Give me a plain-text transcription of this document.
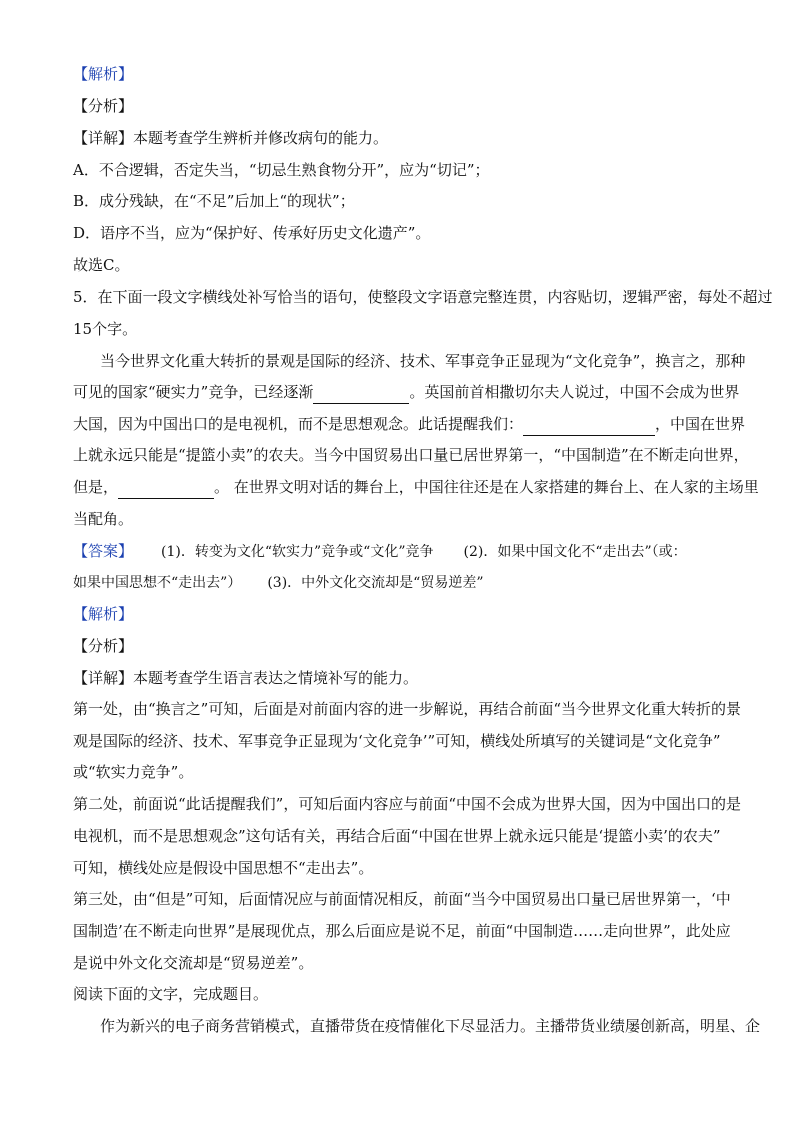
【解析】
【分析】
【详解】本题考查学生辨析并修改病句的能力。
A．不合逻辑，否定失当，“切忌生熟食物分开”，应为“切记”；
B．成分残缺，在“不足”后加上“的现状”；
D．语序不当，应为“保护好、传承好历史文化遗产”。
故选C。
5．在下面一段文字横线处补写恰当的语句，使整段文字语意完整连贯，内容贴切，逻辑严密，每处不超过
15个字。
当今世界文化重大转折的景观是国际的经济、技术、军事竞争正显现为“文化竞争”，换言之，那种
可见的国家“硬实力”竞争，已经逐渐	。英国前首相撒切尔夫人说过，中国不会成为世界
大国，因为中国出口的是电视机，而不是思想观念。此话提醒我们：	，中国在世界
上就永远只能是“提篮小卖”的农夫。当今中国贸易出口量已居世界第一，“中国制造”在不断走向世界，
但是，	。 在世界文明对话的舞台上，中国往往还是在人家搭建的舞台上、在人家的主场里
当配角。
【答案】 (1)．转变为文化“软实力”竞争或“文化”竞争 (2)．如果中国文化不“走出去”（或：
如果中国思想不“走出去”） (3)．中外文化交流却是“贸易逆差”
【解析】
【分析】
【详解】本题考查学生语言表达之情境补写的能力。
第一处，由“换言之”可知，后面是对前面内容的进一步解说，再结合前面“当今世界文化重大转折的景
观是国际的经济、技术、军事竞争正显现为‘文化竞争’”可知，横线处所填写的关键词是“文化竞争”
或“软实力竞争”。
第二处，前面说“此话提醒我们”，可知后面内容应与前面“中国不会成为世界大国，因为中国出口的是
电视机，而不是思想观念”这句话有关，再结合后面“中国在世界上就永远只能是‘提篮小卖’的农夫”
可知，横线处应是假设中国思想不“走出去”。
第三处，由“但是”可知，后面情况应与前面情况相反，前面“当今中国贸易出口量已居世界第一，‘中
国制造’在不断走向世界”是展现优点，那么后面应是说不足，前面“中国制造……走向世界”，此处应
是说中外文化交流却是“贸易逆差”。
阅读下面的文字，完成题目。
作为新兴的电子商务营销模式，直播带货在疫情催化下尽显活力。主播带货业绩屡创新高，明星、企
